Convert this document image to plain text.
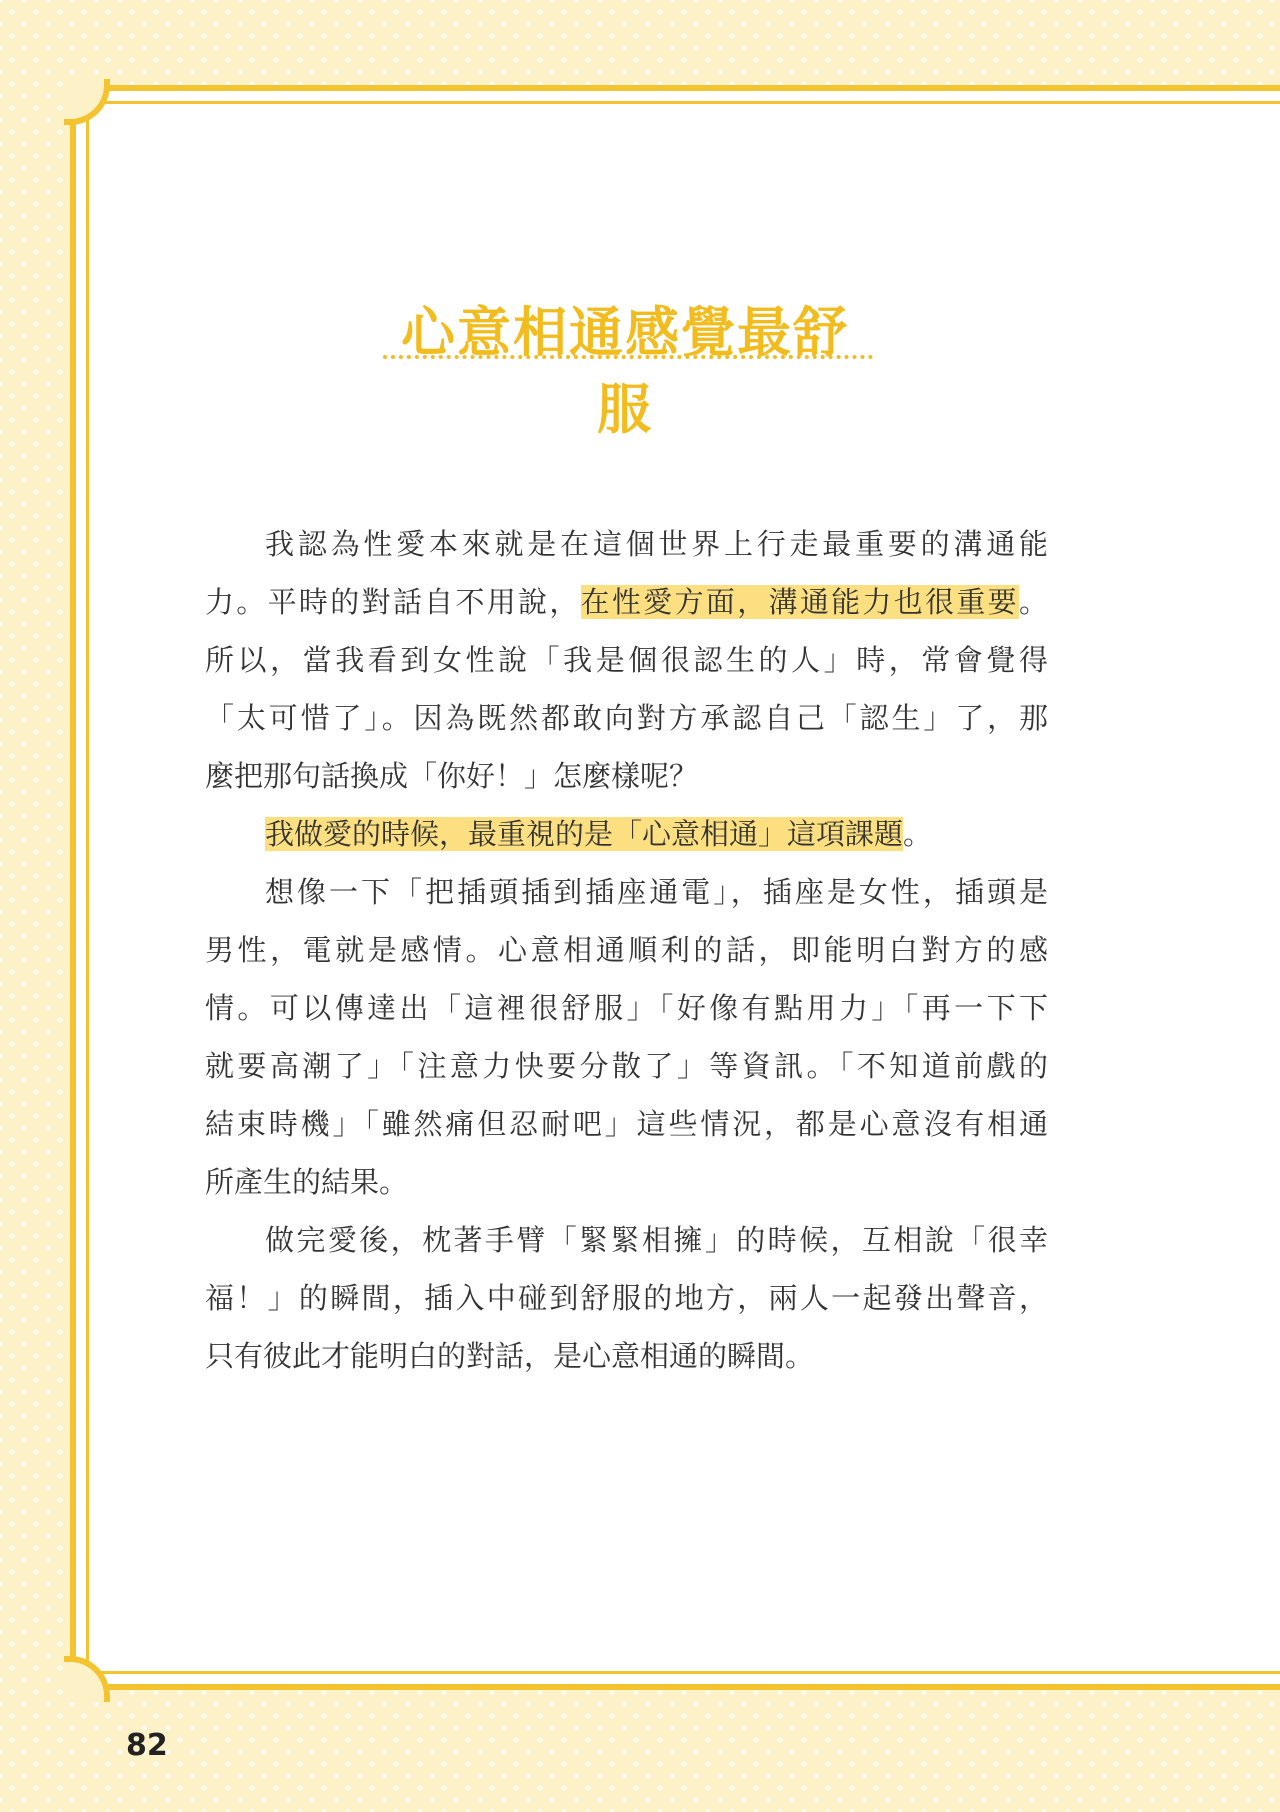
心意相通感覺最舒服
我認為性愛本來就是在這個世界上行走最重要的溝通能
力。平時的對話自不用說，在性愛方面，溝通能力也很重要。
所以，當我看到女性說「我是個很認生的人」時，常會覺得
「太可惜了」。因為既然都敢向對方承認自己「認生」了，那
麼把那句話換成「你好！」怎麼樣呢？
我做愛的時候，最重視的是「心意相通」這項課題。
想像一下「把插頭插到插座通電」，插座是女性，插頭是
男性，電就是感情。心意相通順利的話，即能明白對方的感
情。可以傳達出「這裡很舒服」「好像有點用力」「再一下下
就要高潮了」「注意力快要分散了」等資訊。「不知道前戲的
結束時機」「雖然痛但忍耐吧」這些情況，都是心意沒有相通
所產生的結果。
做完愛後，枕著手臂「緊緊相擁」的時候，互相說「很幸
福！」的瞬間，插入中碰到舒服的地方，兩人一起發出聲音，
只有彼此才能明白的對話，是心意相通的瞬間。
82
